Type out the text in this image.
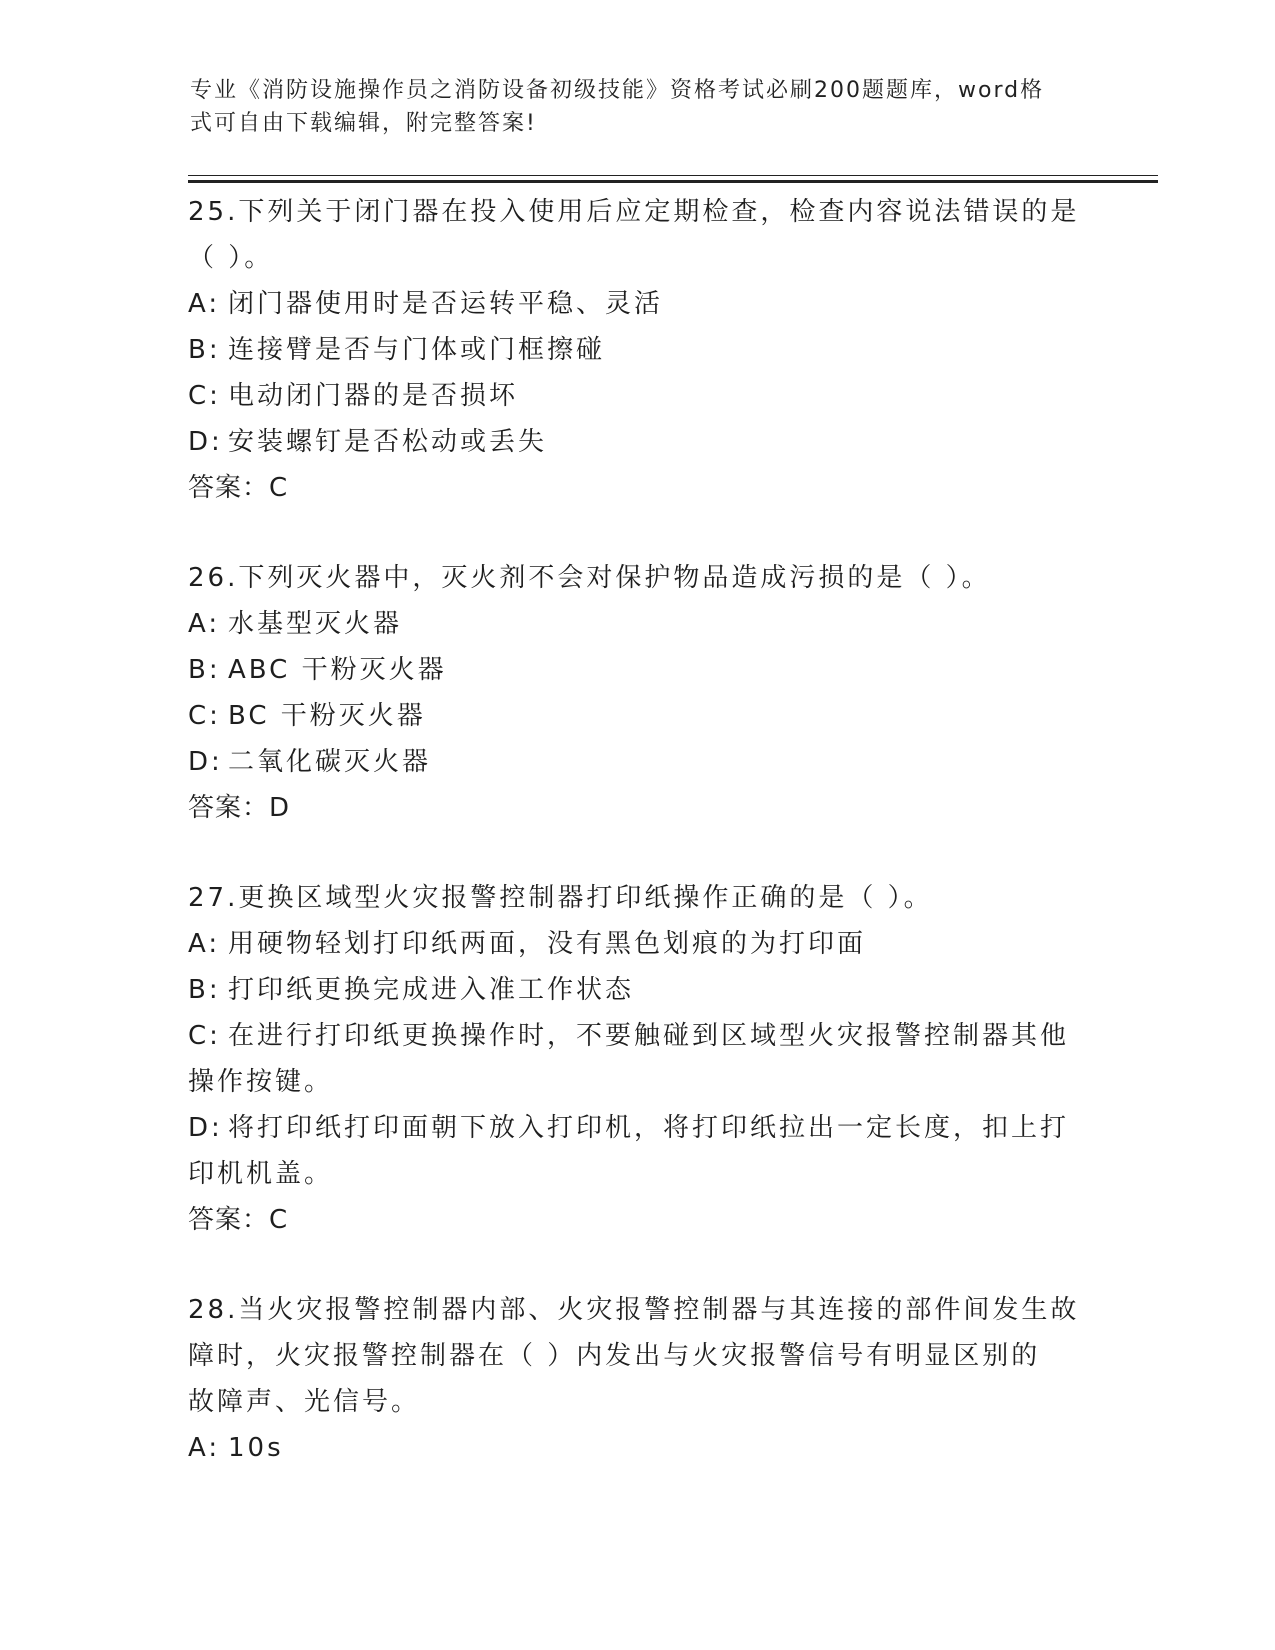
专业《消防设施操作员之消防设备初级技能》资格考试必刷200题题库，word格
式可自由下载编辑，附完整答案!

25.下列关于闭门器在投入使用后应定期检查，检查内容说法错误的是

（ ）。

A: 闭门器使用时是否运转平稳、灵活

B: 连接臂是否与门体或门框擦碰

C: 电动闭门器的是否损坏

D: 安装螺钉是否松动或丢失

答案：C

26.下列灭火器中，灭火剂不会对保护物品造成污损的是（ ）。

A: 水基型灭火器

B: ABC 干粉灭火器

C: BC 干粉灭火器

D: 二氧化碳灭火器

答案：D

27.更换区域型火灾报警控制器打印纸操作正确的是（ ）。

A: 用硬物轻划打印纸两面，没有黑色划痕的为打印面

B: 打印纸更换完成进入准工作状态

C: 在进行打印纸更换操作时，不要触碰到区域型火灾报警控制器其他

操作按键。

D: 将打印纸打印面朝下放入打印机，将打印纸拉出一定长度，扣上打

印机机盖。

答案：C

28.当火灾报警控制器内部、火灾报警控制器与其连接的部件间发生故

障时，火灾报警控制器在（ ）内发出与火灾报警信号有明显区别的

故障声、光信号。

A: 10s
